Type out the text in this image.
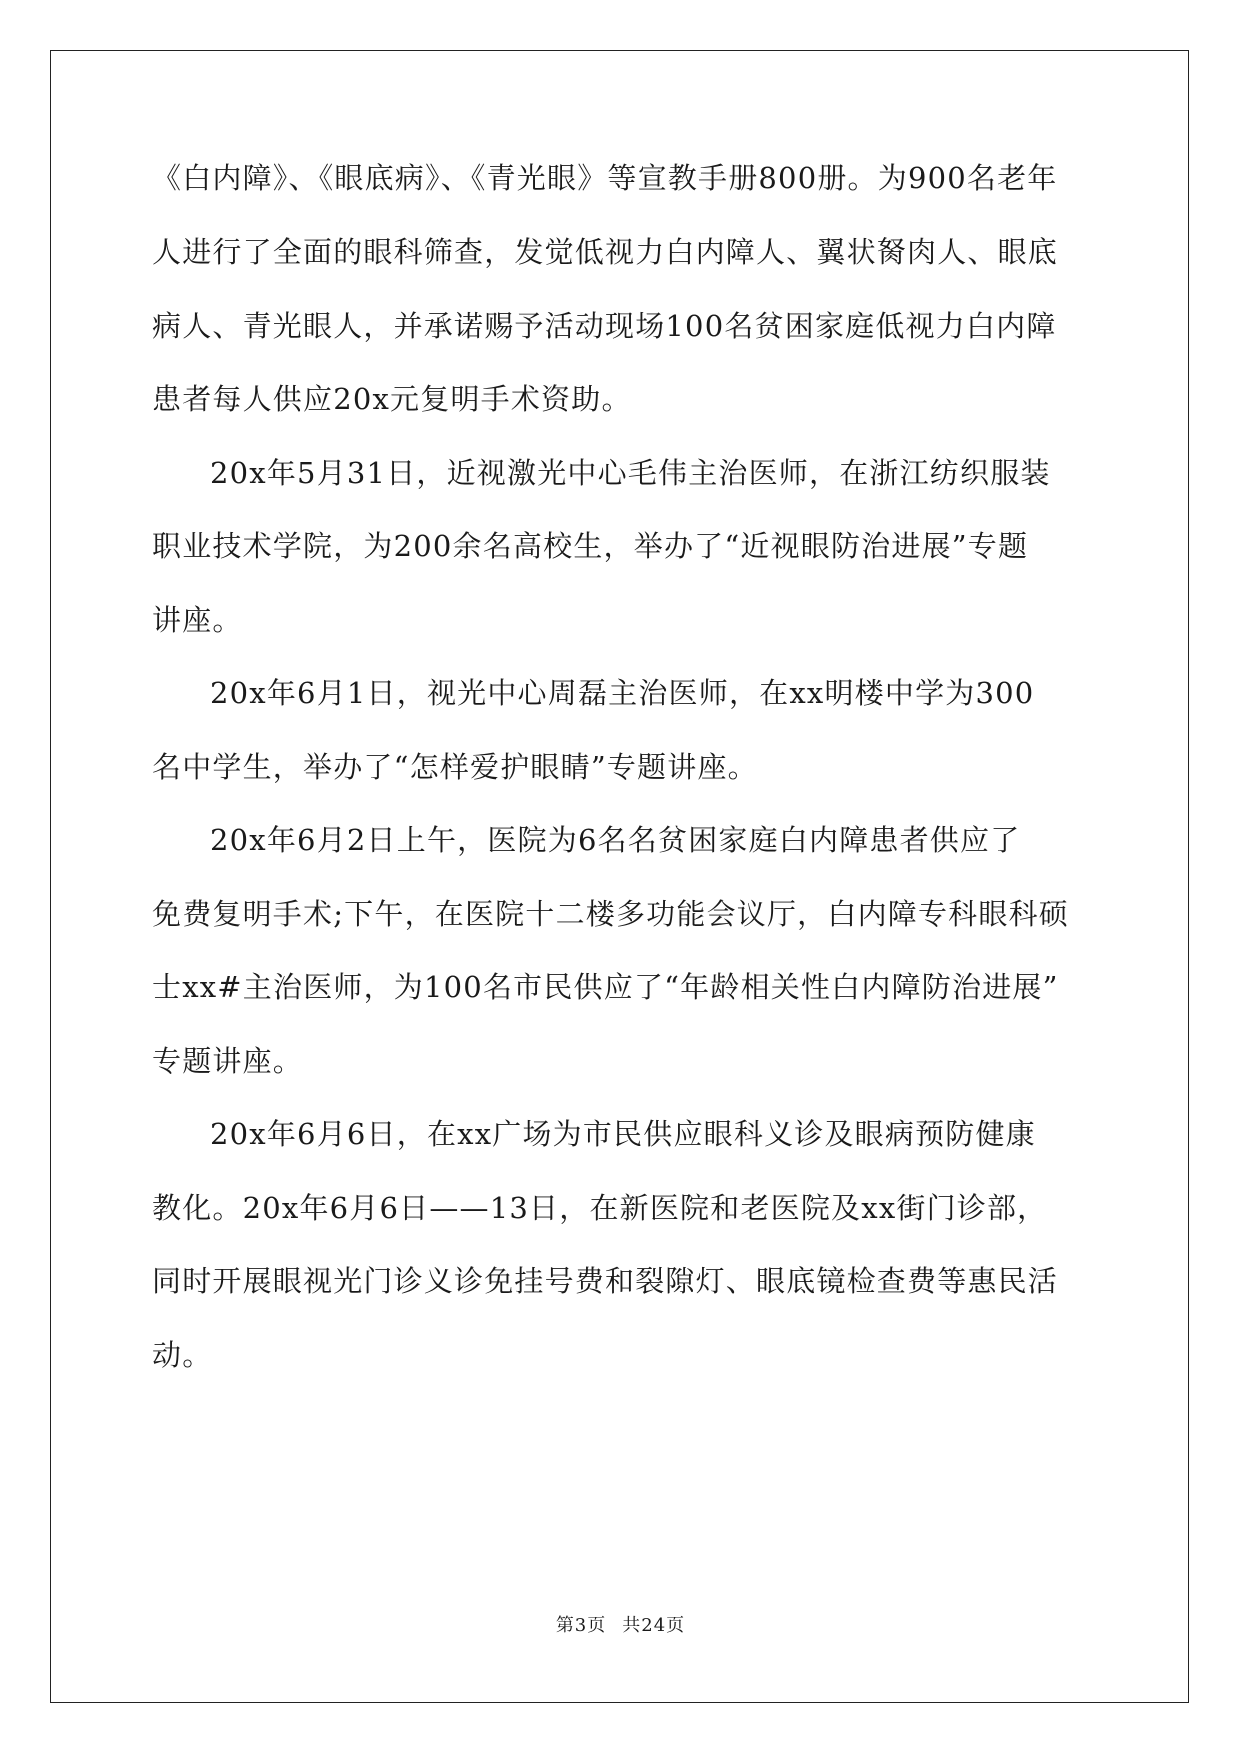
《白内障》、《眼底病》、《青光眼》等宣教手册800册。为900名老年
人进行了全面的眼科筛查，发觉低视力白内障人、翼状胬肉人、眼底
病人、青光眼人，并承诺赐予活动现场100名贫困家庭低视力白内障
患者每人供应20x元复明手术资助。
20x年5月31日，近视激光中心毛伟主治医师，在浙江纺织服装
职业技术学院，为200余名高校生，举办了“近视眼防治进展”专题
讲座。
20x年6月1日，视光中心周磊主治医师，在xx明楼中学为300
名中学生，举办了“怎样爱护眼睛”专题讲座。
20x年6月2日上午，医院为6名名贫困家庭白内障患者供应了
免费复明手术;下午，在医院十二楼多功能会议厅，白内障专科眼科硕
士xx#主治医师，为100名市民供应了“年龄相关性白内障防治进展”
专题讲座。
20x年6月6日，在xx广场为市民供应眼科义诊及眼病预防健康
教化。20x年6月6日——13日，在新医院和老医院及xx街门诊部，
同时开展眼视光门诊义诊免挂号费和裂隙灯、眼底镜检查费等惠民活
动。
第3页 共24页
